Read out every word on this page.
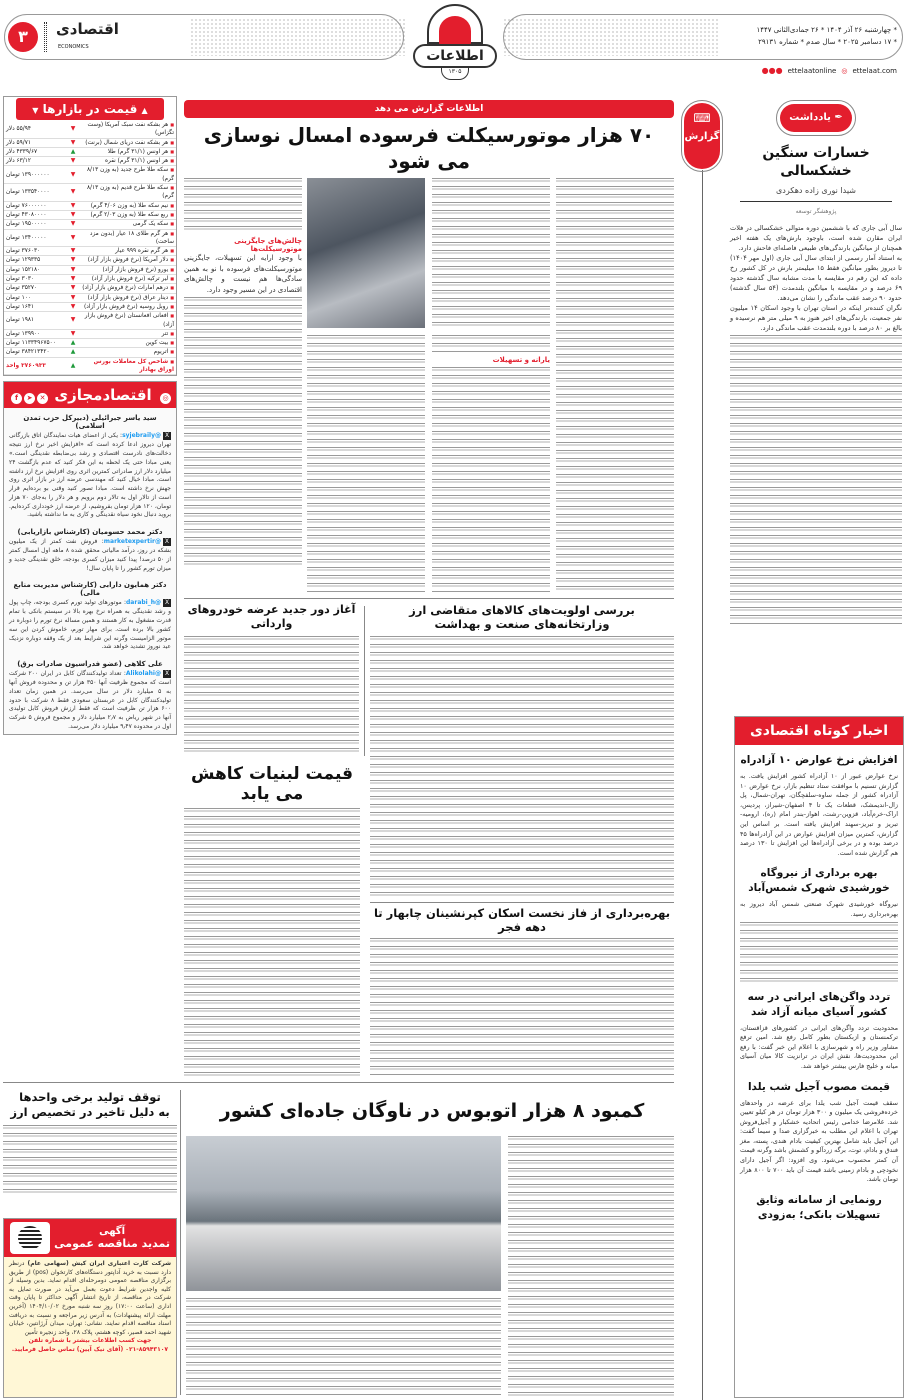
۳	اقتصادی
ECONOMICS
اطلاعات
۱۳۰۵
* چهارشنبه ۲۶ آذر ۱۴۰۴ * ۲۶ جمادی‌الثانی ۱۴۴۷
* ۱۷ دسامبر ۲۰۲۵ * سال صدم * شماره ۲۹۱۳۱
●●● ettelaatonline ◎ ettelaat.com
▲ قیمت در بازارها ▼
■ هر بشکه نفت سبک آمریکا (وست تگزاس)
▼
۵۵/۹۴ دلار
■ هر بشکه نفت دریای شمال (برنت)
▼
۵۹/۷۱ دلار
■ هر اونس (۳۱/۱ گرم) طلا
▲
۴۳۳۹/۶۷ دلار
■ هر اونس (۳۱/۱ گرم) نقره
▼
۶۳/۱۲ دلار
■ سکه طلا طرح جدید (به وزن ۸/۱۳ گرم)
▼
۱۳۹۰۰۰۰۰۰ تومان
■ سکه طلا طرح قدیم (به وزن ۸/۱۳ گرم)
▼
۱۳۳۵۴۰۰۰۰ تومان
■ نیم سکه طلا (به وزن ۴/۰۶ گرم)
▼
۷۶۰۰۰۰۰۰ تومان
■ ربع سکه طلا (به وزن ۲/۰۳ گرم)
▼
۴۳۰۸۰۰۰۰ تومان
■ سکه یک گرمی
▼
۱۹۵۰۰۰۰۰ تومان
■ هر گرم طلای ۱۸ عیار (بدون مزد ساخت)
▼
۱۳۴۰۰۰۰۰ تومان
■ هر گرم نقره ۹۹۹ عیار
▼
۳۷۶۰۳۰ تومان
■ دلار آمریکا (نرخ فروش بازار آزاد)
▼
۱۲۹۳۳۵ تومان
■ یورو (نرخ فروش بازار آزاد)
▼
۱۵۲۱۸۰ تومان
■ لیر ترکیه (نرخ فروش بازار آزاد)
▼
۳۰۳۰ تومان
■ درهم امارات (نرخ فروش بازار آزاد)
▼
۳۵۲۷۰ تومان
■ دینار عراق (نرخ فروش بازار آزاد)
▼
۱۰۰ تومان
■ روبل روسیه (نرخ فروش بازار آزاد)
▼
۱۶۴۱ تومان
■ افغانی افغانستان (نرخ فروش بازار آزاد)
▼
۱۹۸۱ تومان
■ تتر
▼
۱۳۹۹۰۰ تومان
■ بیت کوین
▲
۱۱۳۳۴۹۶۷۵۰۰ تومان
■ اتریوم
▲
۳۸۴۲۱۳۴۲۰ تومان
■ شاخص کل معاملات بورس اوراق بهادار
▲
۳۷۶۰۹۳۳ واحد
f ➤ ✕ اقتصادمجازی	◎
سید یاسر جبرائیلی (دبیرکل حزب تمدن اسلامی)
X@syjebraily: یکی از اعضای هیات نمایندگان اتاق بازرگانی تهران دیروز ادعا کرده است که «افزایش اخیر نرخ ارز نتیجه دخالت‌های نادرست اقتصادی و رشد بی‌ضابطه نقدینگی است.» یعنی مبادا حتی یک لحظه به این فکر کنید که عدم بازگشت ۲۴ میلیارد دلار ارز صادراتی کمترین اثری روی افزایش نرخ ارز داشته است. مبادا خیال کنید که مهندسی عرضه ارز در بازار اثری روی جهش نرخ داشته است. مبادا تصور کنید وقتی بو برده‌ایم قرار است از تالار اول به تالار دوم برویم و هر دلار را به‌جای ۷۰ هزار تومان، ۱۲۰ هزار تومان بفروشیم، از عرضه ارز خودداری کرده‌ایم. بروید دنبال نخود سیاه نقدینگی و کاری به ما نداشته باشید.
دکتر محمد حسومیان (کارشناس بازاریابی)
X@marketexpertir: فروش نفت کمتر از یک میلیون بشکه در روز، درآمد مالیاتی محقق شده ۸ ماهه اول امسال کمتر از ۵۰ درصد! پیدا کنید میزان کسری بودجه، خلق نقدینگی جدید و میزان تورم کشور را تا پایان سال!
دکتر همایون دارابی (کارشناس مدیریت منابع مالی)
X@darabi_h: موتورهای تولید تورم کسری بودجه، چاپ پول و رشد نقدینگی به همراه نرخ بهره بالا در سیستم بانکی با تمام قدرت مشغول به کار هستند و همین مساله نرخ تورم را دوباره در کشور بالا برده است. برای مهار تورم، خاموش کردن این سه موتور الزامیست وگرنه این شرایط بعد از یک وقفه دوباره نزدیک عید نوروز تشدید خواهد شد.
علی کلاهی (عضو فدراسیون صادرات برق)
X@Alikolahi: تعداد تولیدکنندگان کابل در ایران ۲۰۰ شرکت است که مجموع ظرفیت آنها ۳۵۰ هزار تن و محدوده فروش آنها به ۵ میلیارد دلار در سال می‌رسد. در همین زمان تعداد تولیدکنندگان کابل در عربستان سعودی فقط ۸ شرکت با حدود ۶۰۰ هزار تن ظرفیت است که فقط ارزش فروش کابل تولیدی آنها در شهر ریاض به ۲٫۷ میلیارد دلار و مجموع فروش ۵ شرکت اول در محدوده ۹٫۴۷ میلیارد دلار می‌رسد.
توقف تولید برخی واحدها
به دلیل تاخیر در تخصیص ارز
آگهی
تمدید مناقصه عمومی
شرکت کارت اعتباری ایران کیش (سهامی عام) درنظر دارد نسبت به خرید آداپتور دستگاه‌های کارتخوان (pos) از طریق برگزاری مناقصه عمومی دومرحله‌ای اقدام نماید. بدین وسیله از کلیه واجدین شرایط دعوت بعمل می‌آید در صورت تمایل به شرکت در مناقصه، از تاریخ انتشار آگهی حداکثر تا پایان وقت اداری (ساعت ۱۷:۰۰) روز سه شنبه مورخ ۱۴۰۴/۱۰/۰۲ (آخرین مهلت ارائه پیشنهادات) به آدرس زیر مراجعه و نسبت به دریافت اسناد مناقصه اقدام نمایند. نشانی: تهران، میدان آرژانتین، خیابان شهید احمد قصیر، کوچه هشتم، پلاک ۲۸، واحد زنجیره تأمین
جهت کسب اطلاعات بیشتر با شماره تلفن ۸۵۹۴۳۱۰۷-۰۲۱ (آقای نیک آیین) تماس حاصل فرمایید.
اطلاعات گزارش می دهد
۷۰ هزار موتورسیکلت فرسوده امسال نوسازی می شود
چالش‌های جایگزینی موتورسیکلت‌ها
با وجود ارایه این تسهیلات، جایگزینی موتورسیکلت‌های فرسوده با نو به همین سادگی‌ها هم نیست و چالش‌های اقتصادی در این مسیر وجود دارد.
یارانه و تسهیلات
بررسی اولویت‌های کالاهای متقاضی ارز وزارتخانه‌های صنعت و بهداشت
آغاز دور جدید عرضه خودروهای وارداتی
قیمت لبنیات کاهش می یابد
بهره‌برداری از فاز نخست اسکان کپرنشینان چابهار تا دهه فجر
کمبود ۸ هزار اتوبوس در ناوگان جاده‌ای کشور
⌨
گزارش
✒ یادداشت
خسارات سنگین خشکسالی
شیدا نوری زاده دهکردی
پژوهشگر توسعه

سال آبی جاری که با ششمین دوره متوالی خشکسالی در فلات ایران مقارن شده است، باوجود بارش‌های یک هفته اخیر همچنان از میانگین بارندگی‌های طبیعی فاصله‌ای فاحش دارد.

به استناد آمار رسمی از ابتدای سال آبی جاری (اول مهر ۱۴۰۴) تا دیروز بطور میانگین فقط ۱۵ میلیمتر بارش در کل کشور رخ داده که این رقم در مقایسه با مدت مشابه سال گذشته حدود ۶۹ درصد و در مقایسه با میانگین بلندمدت (۵۴ سال گذشته) حدود ۹۰ درصد عقب ماندگی را نشان می‌دهد.

نگران کننده‌تر اینکه در استان تهران با وجود اسکان ۱۴ میلیون نفر جمعیت، بارندگی‌های اخیر هنوز به ۹ میلی متر هم نرسیده و بالغ بر ۸۰ درصد با دوره بلندمدت عقب ماندگی دارد.

اخبار کوتاه اقتصادی
افزایش نرخ عوارض ۱۰ آزادراه
نرخ عوارض عبور از ۱۰ آزادراه کشور افزایش یافت. به گزارش تسنیم با موافقت ستاد تنظیم بازار، نرخ عوارض ۱۰ آزادراه کشور از جمله ساوه-سلفچگان، تهران-شمال، پل زال-اندیمشک، قطعات یک تا ۴ اصفهان-شیراز، پردیس، اراک-خرم‌آباد، قزوین-رشت، اهواز-بندر امام (ره)، ارومیه-تبریز و تبریز-سهند افزایش یافته است. بر اساس این گزارش، کمترین میزان افزایش عوارض در این آزادراه‌ها ۴۵ درصد بوده و در برخی آزادراه‌ها این افزایش تا ۱۳۰ درصد هم گزارش شده است.
بهره برداری از نیروگاه خورشیدی شهرک شمس‌آباد
نیروگاه خورشیدی شهرک صنعتی شمس آباد دیروز به بهره‌برداری رسید.
تردد واگن‌های ایرانی در سه کشور آسیای میانه آزاد شد
محدودیت تردد واگن‌های ایرانی در کشورهای قزاقستان، ترکمنستان و ازبکستان بطور کامل رفع شد. امین ترفع مشاور وزیر راه و شهرسازی با اعلام این خبر گفت: با رفع این محدودیت‌ها، نقش ایران در ترانزیت کالا میان آسیای میانه و خلیج فارس بیشتر خواهد شد.
قیمت مصوب آجیل شب یلدا
سقف قیمت آجیل شب یلدا برای عرضه در واحدهای خرده‌فروشی یک میلیون و ۳۰۰ هزار تومان در هر کیلو تعیین شد. غلامرضا خدامی رئیس اتحادیه خشکبار و آجیل‌فروش تهران با اعلام این مطلب به خبرگزاری صدا و سیما گفت: این آجیل باید شامل بهترین کیفیت بادام هندی، پسته، مغز فندق و بادام، توت، برگه زردآلو و کشمش باشد وگرنه قیمت آن کمتر محسوب می‌شود. وی افزود: اگر آجیل دارای نخودچی و بادام زمینی باشد قیمت آن باید ۷۰۰ تا ۸۰۰ هزار تومان باشد.
رونمایی از سامانه وثایق تسهیلات بانکی؛ به‌زودی
